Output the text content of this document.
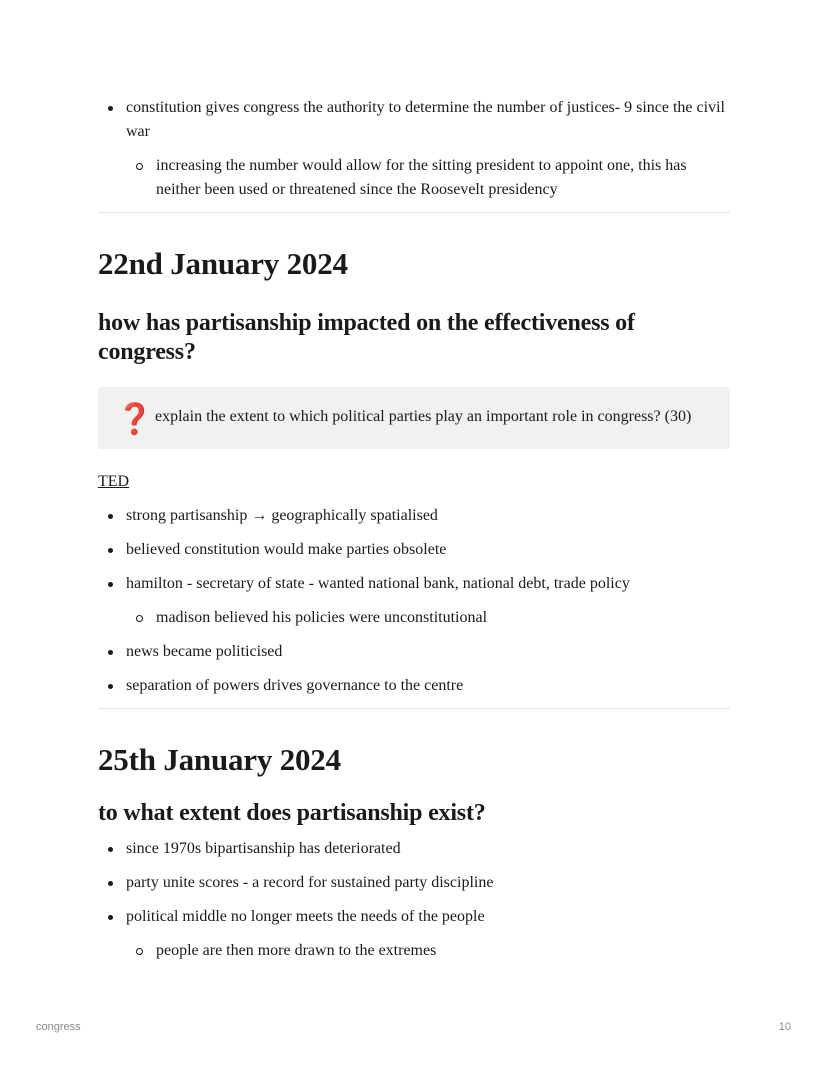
constitution gives congress the authority to determine the number of justices- 9 since the civil war
increasing the number would allow for the sitting president to appoint one, this has neither been used or threatened since the Roosevelt presidency
22nd January 2024
how has partisanship impacted on the effectiveness of congress?
❓ explain the extent to which political parties play an important role in congress? (30)
TED
strong partisanship → geographically spatialised
believed constitution would make parties obsolete
hamilton - secretary of state - wanted national bank, national debt, trade policy
madison believed his policies were unconstitutional
news became politicised
separation of powers drives governance to the centre
25th January 2024
to what extent does partisanship exist?
since 1970s bipartisanship has deteriorated
party unite scores - a record for sustained party discipline
political middle no longer meets the needs of the people
people are then more drawn to the extremes
congress	10
